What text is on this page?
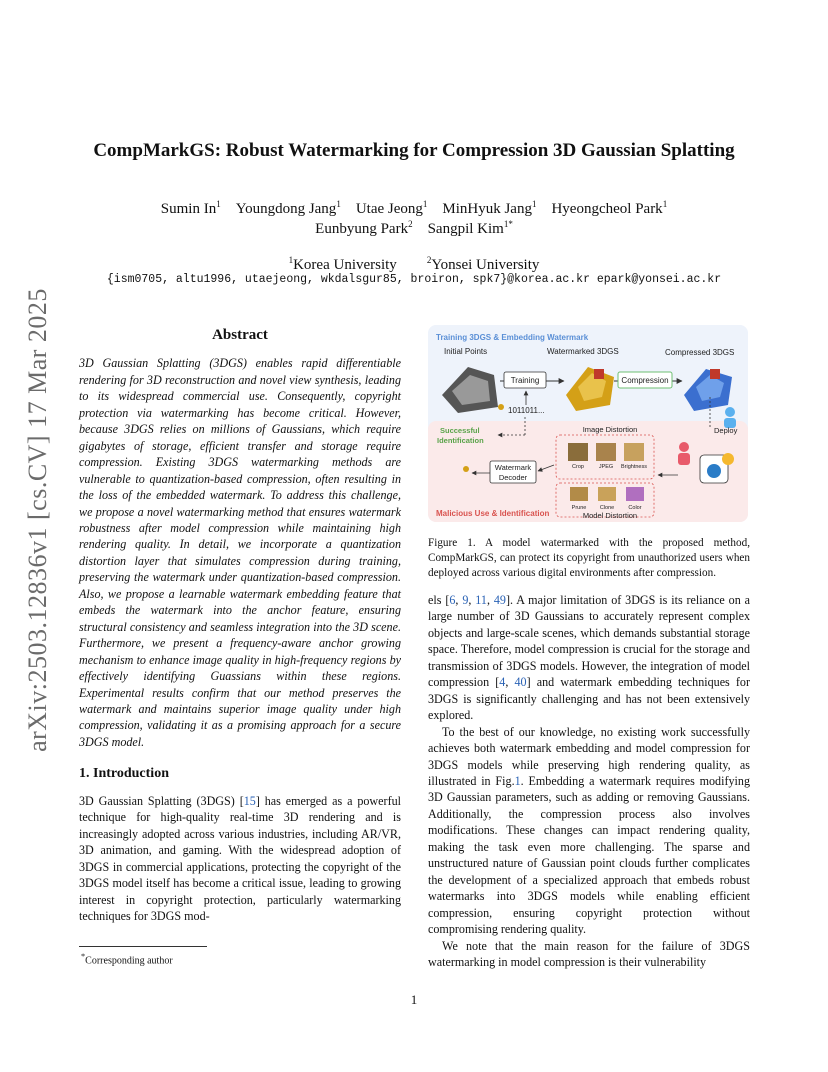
arXiv:2503.12836v1 [cs.CV] 17 Mar 2025
CompMarkGS: Robust Watermarking for Compression 3D Gaussian Splatting
Sumin In$^1$  Youngdong Jang$^1$  Utae Jeong$^1$  MinHyuk Jang$^1$  Hyeongcheol Park$^1$
Eunbyung Park$^2$  Sangpil Kim$^{1*}$
$^1$Korea University  	$^2$Yonsei University
{ism0705, altu1996, utaejeong, wkdalsgur85, broiron, spk7}@korea.ac.kr epark@yonsei.ac.kr
Abstract

3D Gaussian Splatting (3DGS) enables rapid differentiable rendering for 3D reconstruction and novel view synthesis, leading to its widespread commercial use. Consequently, copyright protection via watermarking has become critical. However, because 3DGS relies on millions of Gaussians, which require gigabytes of storage, efficient transfer and storage require compression. Existing 3DGS watermarking methods are vulnerable to quantization-based compression, often resulting in the loss of the embedded watermark. To address this challenge, we propose a novel watermarking method that ensures watermark robustness after model compression while maintaining high rendering quality. In detail, we incorporate a quantization distortion layer that simulates compression during training, preserving the watermark under quantization-based compression. Also, we propose a learnable watermark embedding feature that embeds the watermark into the anchor feature, ensuring structural consistency and seamless integration into the 3D scene. Furthermore, we present a frequency-aware anchor growing mechanism to enhance image quality in high-frequency regions by effectively identifying Guassians within these regions. Experimental results confirm that our method preserves the watermark and maintains superior image quality under high compression, validating it as a promising approach for a secure 3DGS model.

1. Introduction

3D Gaussian Splatting (3DGS) [15] has emerged as a powerful technique for high-quality real-time 3D rendering and is increasingly adopted across various industries, including AR/VR, 3D animation, and gaming. With the widespread adoption of 3DGS in commercial applications, protecting the copyright of the 3DGS model itself has become a critical issue, leading to growing interest in copyright protection, particularly watermarking techniques for 3DGS mod-

*Corresponding author
Training 3DGS & Embedding Watermark
Initial Points	Watermarked 3DGS	Compressed 3DGS
Training	Compression
1011011...
Successful
Identification
Deploy
Image Distortion
Crop	JPEG Brightness
Watermark
Decoder
Prune Clone	Color
Model Distortion
Malicious Use & Identification
Figure 1. A model watermarked with the proposed method, CompMarkGS, can protect its copyright from unauthorized users when deployed across various digital environments after compression.

els [6, 9, 11, 49]. A major limitation of 3DGS is its reliance on a large number of 3D Gaussians to accurately represent complex objects and large-scale scenes, which demands substantial storage space. Therefore, model compression is crucial for the storage and transmission of 3DGS models. However, the integration of model compression [4, 40] and watermark embedding techniques for 3DGS is significantly challenging and has not been extensively explored.

To the best of our knowledge, no existing work successfully achieves both watermark embedding and model compression for 3DGS models while preserving high rendering quality, as illustrated in Fig.1. Embedding a watermark requires modifying 3D Gaussian parameters, such as adding or removing Gaussians. Additionally, the compression process also involves modifications. These changes can impact rendering quality, making the task even more challenging. The sparse and unstructured nature of Gaussian point clouds further complicates the development of a specialized approach that embeds robust watermarks into 3DGS models while enabling efficient compression, ensuring copyright protection without compromising rendering quality.

We note that the main reason for the failure of 3DGS watermarking in model compression is their vulnerability

1
